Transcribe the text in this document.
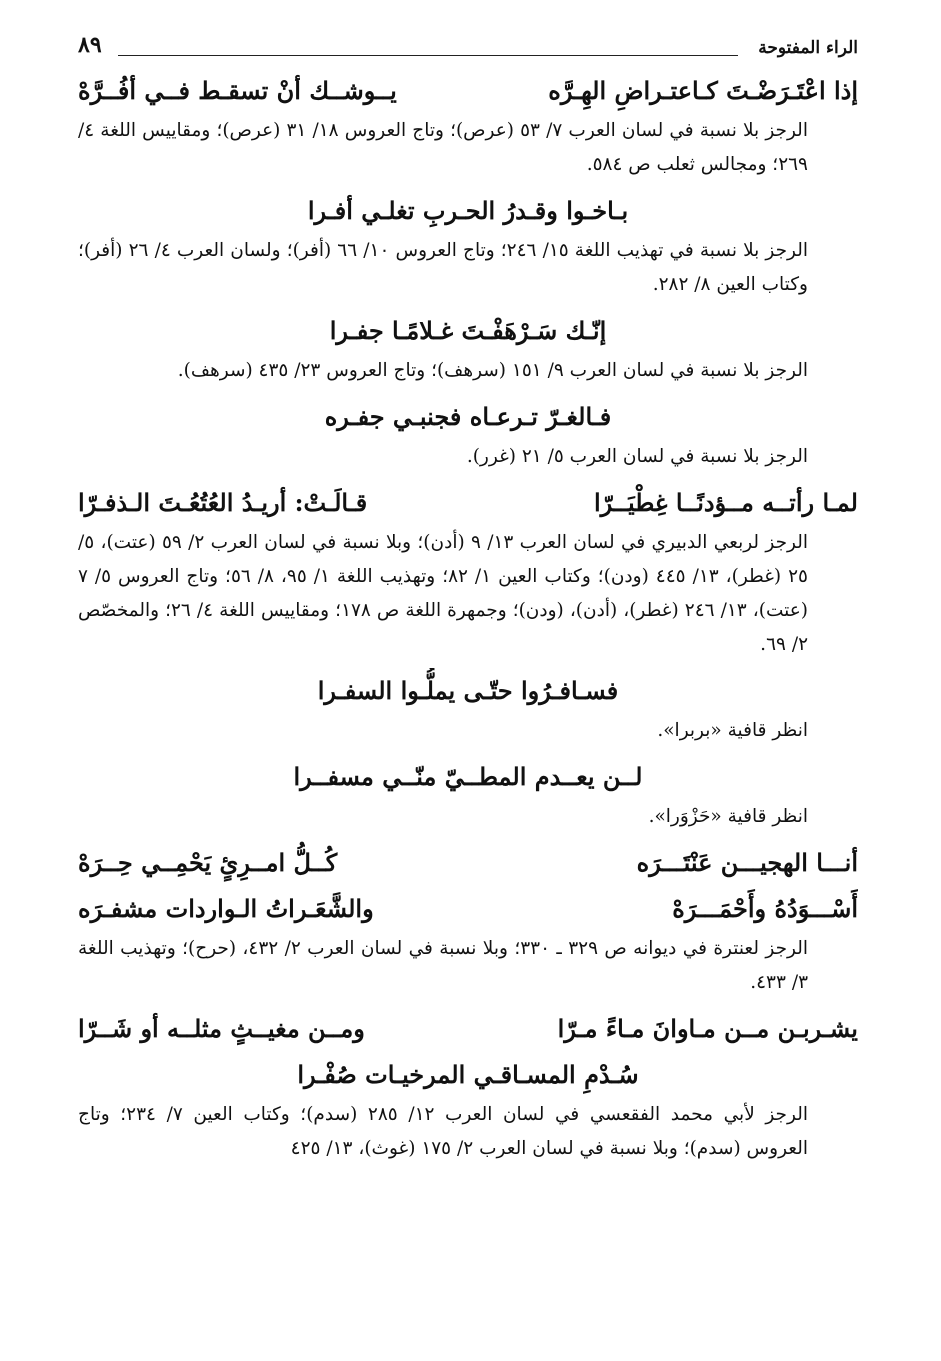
الراء المفتوحة
٨٩
إذا اعْتَـرَضْـتَ كـاعتـراضِ الهِـرَّه
يــوشــك أنْ تسقـط فــي أفُــرَّهْ

الرجز بلا نسبة في لسان العرب ٧/ ٥٣ (عرص)؛ وتاج العروس ١٨/ ٣١ (عرص)؛ ومقاييس اللغة ٤/ ٢٦٩؛ ومجالس ثعلب ص ٥٨٤.

بـاخـوا وقـدرُ الحـربِ تغلـي أفـرا

الرجز بلا نسبة في تهذيب اللغة ١٥/ ٢٤٦؛ وتاج العروس ١٠/ ٦٦ (أفر)؛ ولسان العرب ٤/ ٢٦ (أفر)؛ وكتاب العين ٨/ ٢٨٢.

إنّـك سَـرْهَفْـتَ غـلامًـا جفـرا

الرجز بلا نسبة في لسان العرب ٩/ ١٥١ (سرهف)؛ وتاج العروس ٢٣/ ٤٣٥ (سرهف).

فـالغـرّ تـرعـاه فجنبـي جفـره

الرجز بلا نسبة في لسان العرب ٥/ ٢١ (غرر).

لمـا رأتــه مــؤدنًــا غِطْيَــرّا
قـالَـتْ: أريـدُ العُتُعُـتَ الـذفـرّا

الرجز لربعي الدبيري في لسان العرب ١٣/ ٩ (أدن)؛ وبلا نسبة في لسان العرب ٢/ ٥٩ (عتت)، ٥/ ٢٥ (غطر)، ١٣/ ٤٤٥ (ودن)؛ وكتاب العين ١/ ٨٢؛ وتهذيب اللغة ١/ ٩٥، ٨/ ٥٦؛ وتاج العروس ٥/ ٧ (عتت)، ١٣/ ٢٤٦ (غطر)، (أدن)، (ودن)؛ وجمهرة اللغة ص ١٧٨؛ ومقاييس اللغة ٤/ ٢٦؛ والمخصّص ٢/ ٦٩.

فسـافـرُوا حتّـى يملُّـوا السفـرا

انظر قافية «بربرا».

لــن يعــدم المطــيّ منّــي مسفــرا

انظر قافية «حَزْوَرا».

أنـــا الهجيـــن عَنْتَـــرَه
كُــلُّ امــرِئٍ يَحْمِــي حِــرَهْ
أَسْـــوَدُهُ وأَحْمَـــرَهْ
والشَّعَـراتُ الـواردات مشفـرَه

الرجز لعنترة في ديوانه ص ٣٢٩ ـ ٣٣٠؛ وبلا نسبة في لسان العرب ٢/ ٤٣٢، (حرح)؛ وتهذيب اللغة ٣/ ٤٣٣.

يشـربـن مــن مـاوانَ مـاءً مـرّا
ومــن مغيــثٍ مثلــه أو شَــرّا
سُـدْمِ المسـاقـي المرخيـات صُفْـرا

الرجز لأبي محمد الفقعسي في لسان العرب ١٢/ ٢٨٥ (سدم)؛ وكتاب العين ٧/ ٢٣٤؛ وتاج العروس (سدم)؛ وبلا نسبة في لسان العرب ٢/ ١٧٥ (غوث)، ١٣/ ٤٢٥
